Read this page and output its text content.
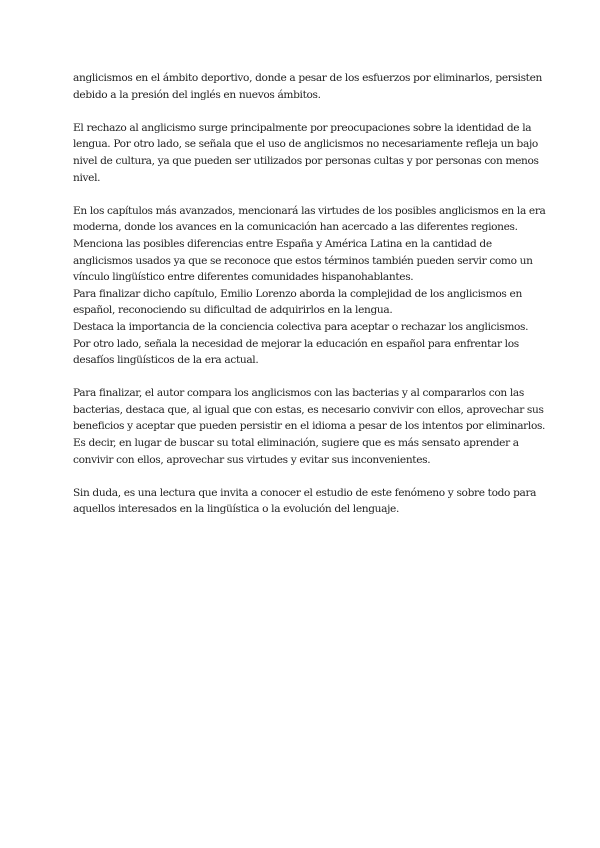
anglicismos en el ámbito deportivo, donde a pesar de los esfuerzos por eliminarlos, persisten
debido a la presión del inglés en nuevos ámbitos.
El rechazo al anglicismo surge principalmente por preocupaciones sobre la identidad de la
lengua. Por otro lado, se señala que el uso de anglicismos no necesariamente refleja un bajo
nivel de cultura, ya que pueden ser utilizados por personas cultas y por personas con menos
nivel.
En los capítulos más avanzados, mencionará las virtudes de los posibles anglicismos en la era
moderna, donde los avances en la comunicación han acercado a las diferentes regiones.
Menciona las posibles diferencias entre España y América Latina en la cantidad de
anglicismos usados ya que se reconoce que estos términos también pueden servir como un
vínculo lingüístico entre diferentes comunidades hispanohablantes.
Para finalizar dicho capítulo, Emilio Lorenzo aborda la complejidad de los anglicismos en
español, reconociendo su dificultad de adquirirlos en la lengua.
Destaca la importancia de la conciencia colectiva para aceptar o rechazar los anglicismos.
Por otro lado, señala la necesidad de mejorar la educación en español para enfrentar los
desafíos lingüísticos de la era actual.
Para finalizar, el autor compara los anglicismos con las bacterias y al compararlos con las
bacterias, destaca que, al igual que con estas, es necesario convivir con ellos, aprovechar sus
beneficios y aceptar que pueden persistir en el idioma a pesar de los intentos por eliminarlos.
Es decir, en lugar de buscar su total eliminación, sugiere que es más sensato aprender a
convivir con ellos, aprovechar sus virtudes y evitar sus inconvenientes.
Sin duda, es una lectura que invita a conocer el estudio de este fenómeno y sobre todo para
aquellos interesados en la lingüística o la evolución del lenguaje.
